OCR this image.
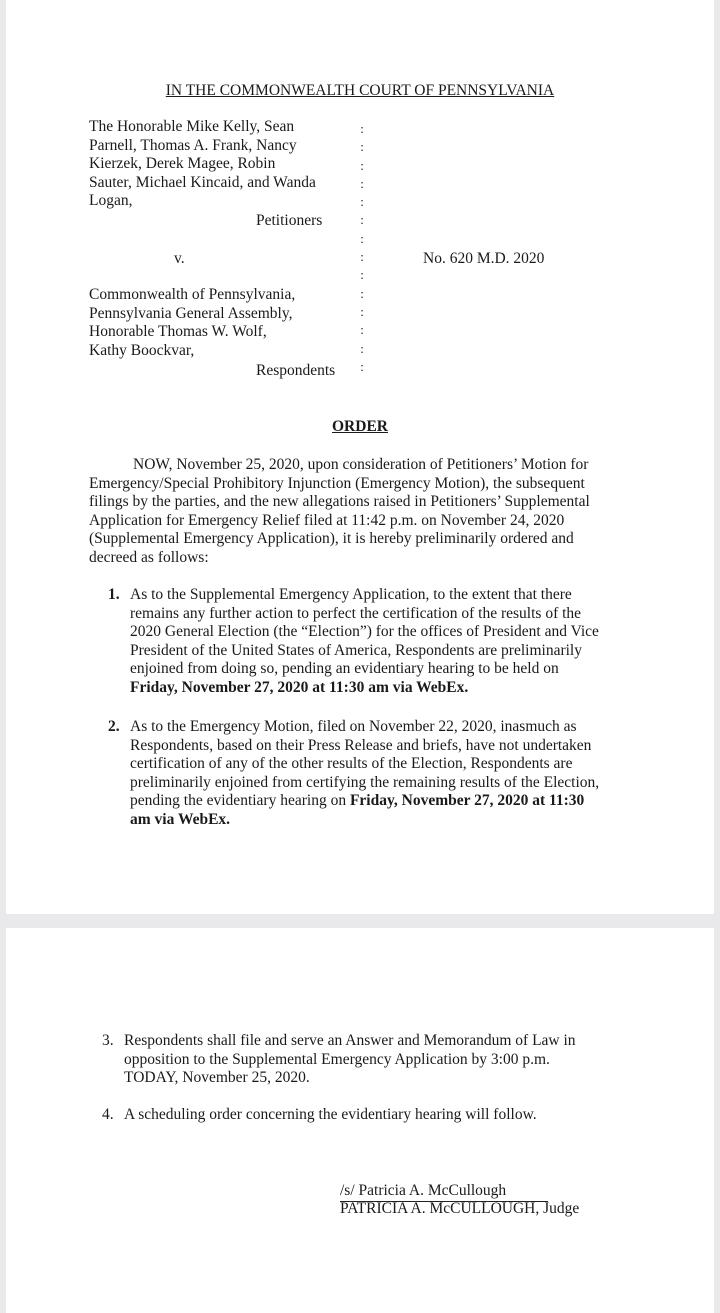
IN THE COMMONWEALTH COURT OF PENNSYLVANIA
The Honorable Mike Kelly, Sean
Parnell, Thomas A. Frank, Nancy
Kierzek, Derek Magee, Robin
Sauter, Michael Kincaid, and Wanda
Logan,
Petitioners
:
:
:
:
:
:
:
:
:
:
:
:
:
:
v.	No. 620 M.D. 2020
Commonwealth of Pennsylvania,
Pennsylvania General Assembly,
Honorable Thomas W. Wolf,
Kathy Boockvar,
Respondents
ORDER
NOW, November 25, 2020, upon consideration of Petitioners’ Motion for
Emergency/Special Prohibitory Injunction (Emergency Motion), the subsequent
filings by the parties, and the new allegations raised in Petitioners’ Supplemental
Application for Emergency Relief filed at 11:42 p.m. on November 24, 2020
(Supplemental Emergency Application), it is hereby preliminarily ordered and
decreed as follows:
1. As to the Supplemental Emergency Application, to the extent that there
remains any further action to perfect the certification of the results of the
2020 General Election (the “Election”) for the offices of President and Vice
President of the United States of America, Respondents are preliminarily
enjoined from doing so, pending an evidentiary hearing to be held on
Friday, November 27, 2020 at 11:30 am via WebEx.
2. As to the Emergency Motion, filed on November 22, 2020, inasmuch as
Respondents, based on their Press Release and briefs, have not undertaken
certification of any of the other results of the Election, Respondents are
preliminarily enjoined from certifying the remaining results of the Election,
pending the evidentiary hearing on Friday, November 27, 2020 at 11:30
am via WebEx.
3. Respondents shall file and serve an Answer and Memorandum of Law in
opposition to the Supplemental Emergency Application by 3:00 p.m.
TODAY, November 25, 2020.
4. A scheduling order concerning the evidentiary hearing will follow.
/s/ Patricia A. McCullough
PATRICIA A. McCULLOUGH, Judge
